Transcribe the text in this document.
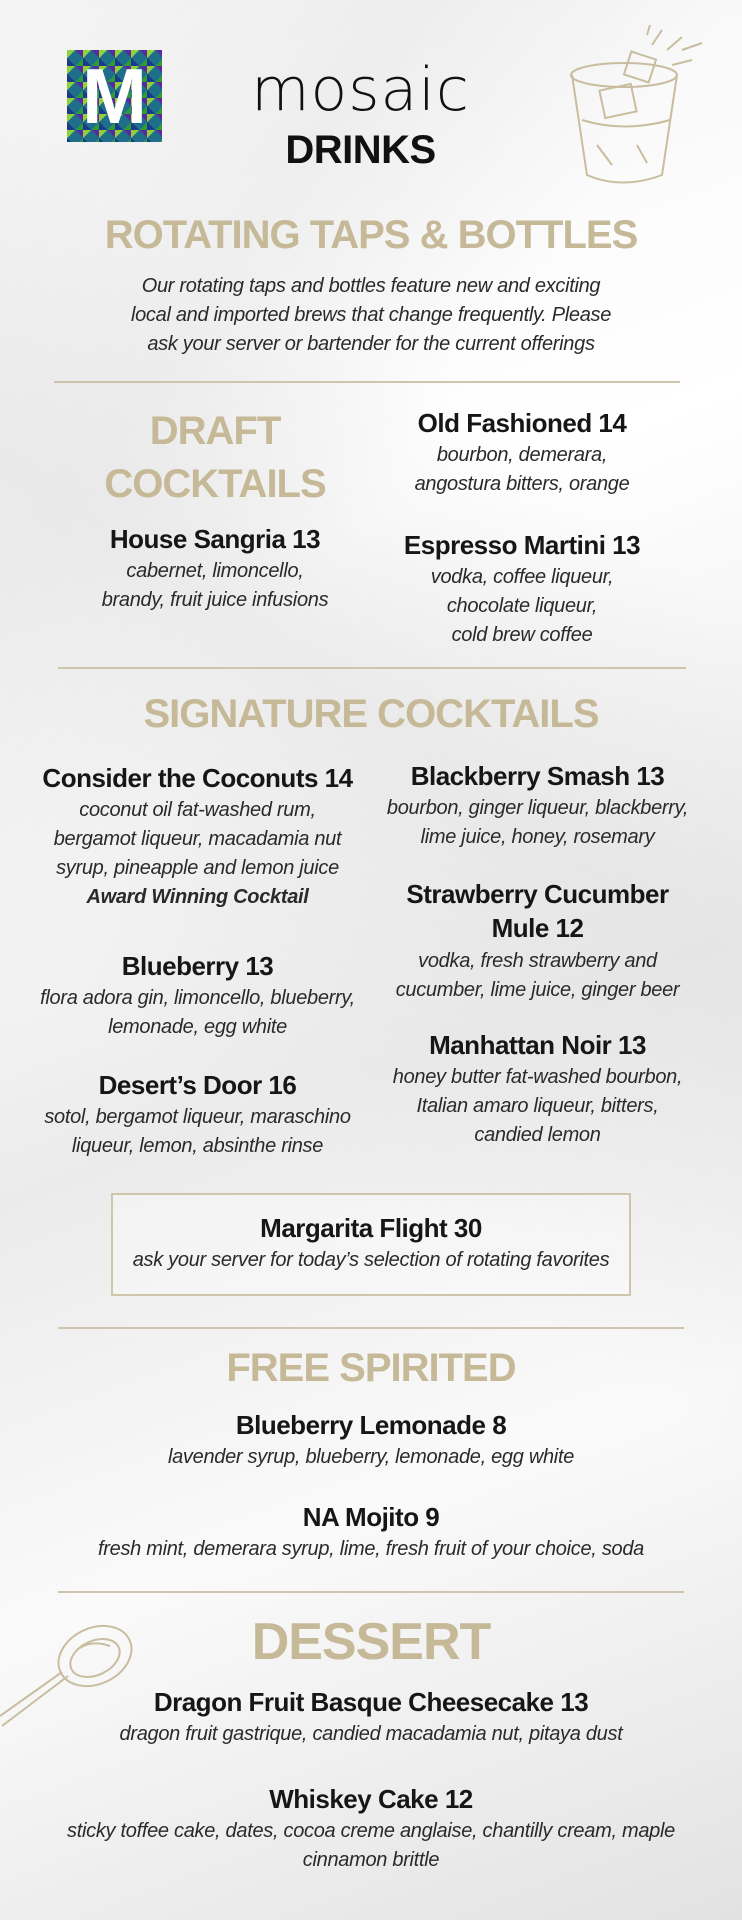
M mosaic
DRINKS
ROTATING TAPS & BOTTLES
Our rotating taps and bottles feature new and exciting
local and imported brews that change frequently. Please
ask your server or bartender for the current offerings
DRAFT
COCKTAILS
House Sangria 13
cabernet, limoncello,
brandy, fruit juice infusions
Old Fashioned 14
bourbon, demerara,
angostura bitters, orange
Espresso Martini 13
vodka, coffee liqueur,
chocolate liqueur,
cold brew coffee
SIGNATURE COCKTAILS
Consider the Coconuts 14
coconut oil fat-washed rum,
bergamot liqueur, macadamia nut
syrup, pineapple and lemon juice
Award Winning Cocktail
Blueberry 13
flora adora gin, limoncello, blueberry,
lemonade, egg white
Desert’s Door 16
sotol, bergamot liqueur, maraschino
liqueur, lemon, absinthe rinse
Blackberry Smash 13
bourbon, ginger liqueur, blackberry,
lime juice, honey, rosemary
Strawberry Cucumber
Mule 12
vodka, fresh strawberry and
cucumber, lime juice, ginger beer
Manhattan Noir 13
honey butter fat-washed bourbon,
Italian amaro liqueur, bitters,
candied lemon
Margarita Flight 30
ask your server for today’s selection of rotating favorites
FREE SPIRITED
Blueberry Lemonade 8
lavender syrup, blueberry, lemonade, egg white
NA Mojito 9
fresh mint, demerara syrup, lime, fresh fruit of your choice, soda
DESSERT
Dragon Fruit Basque Cheesecake 13
dragon fruit gastrique, candied macadamia nut, pitaya dust
Whiskey Cake 12
sticky toffee cake, dates, cocoa creme anglaise, chantilly cream, maple
cinnamon brittle
